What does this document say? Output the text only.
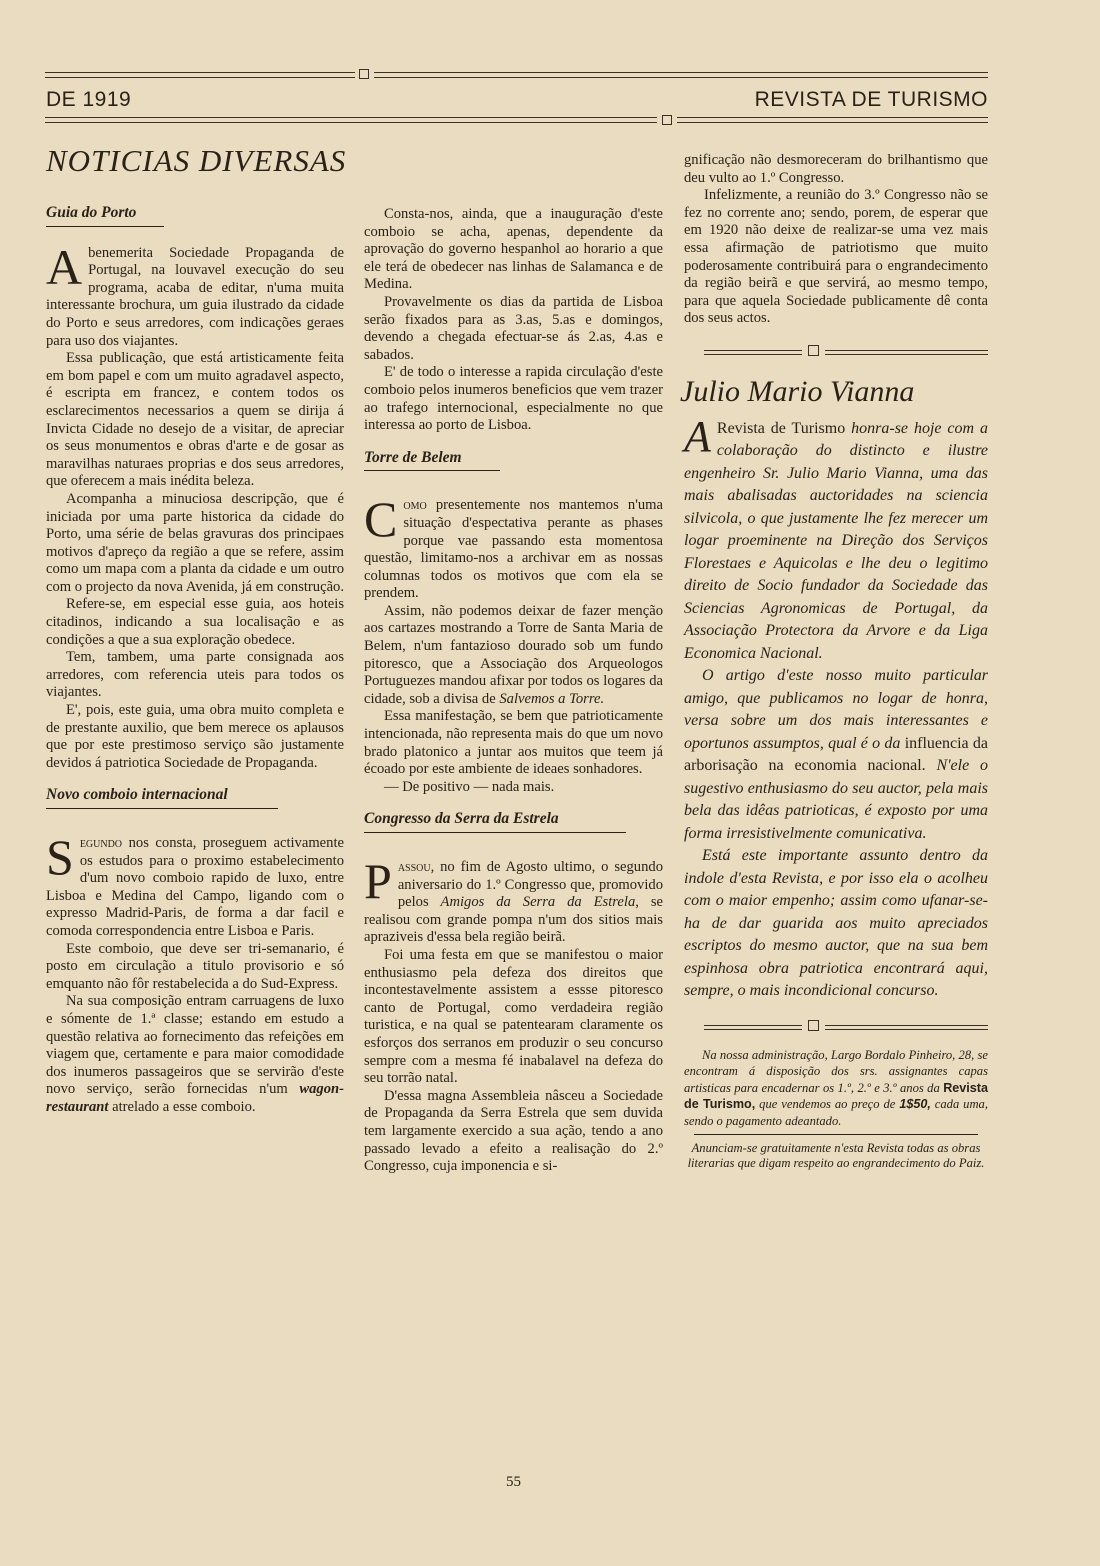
DE 1919	REVISTA DE TURISMO
NOTICIAS DIVERSAS
Guia do Porto

Abenemerita Sociedade Propaganda de Portugal, na louvavel execução do seu programa, acaba de editar, n'uma muita interessante brochura, um guia ilustrado da cidade do Porto e seus arredores, com indicações geraes para uso dos viajantes.

Essa publicação, que está artisticamente feita em bom papel e com um muito agradavel aspecto, é escripta em francez, e contem todos os esclarecimentos necessarios a quem se dirija á Invicta Cidade no desejo de a visitar, de apreciar os seus monumentos e obras d'arte e de gosar as maravilhas naturaes proprias e dos seus arredores, que oferecem a mais inédita beleza.

Acompanha a minuciosa descripção, que é iniciada por uma parte historica da cidade do Porto, uma série de belas gravuras dos principaes motivos d'apreço da região a que se refere, assim como um mapa com a planta da cidade e um outro com o projecto da nova Avenida, já em construção.

Refere-se, em especial esse guia, aos hoteis citadinos, indicando a sua localisação e as condições a que a sua exploração obedece.

Tem, tambem, uma parte consignada aos arredores, com referencia uteis para todos os viajantes.

E', pois, este guia, uma obra muito completa e de prestante auxilio, que bem merece os aplausos que por este prestimoso serviço são justamente devidos á patriotica Sociedade de Propaganda.

Novo comboio internacional

Segundo nos consta, proseguem activamente os estudos para o proximo estabelecimento d'um novo comboio rapido de luxo, entre Lisboa e Medina del Campo, ligando com o expresso Madrid-Paris, de forma a dar facil e comoda correspondencia entre Lisboa e Paris.

Este comboio, que deve ser tri-semanario, é posto em circulação a titulo provisorio e só emquanto não fôr restabelecida a do Sud-Express.

Na sua composição entram carruagens de luxo e sómente de 1.ª classe; estando em estudo a questão relativa ao fornecimento das refeições em viagem que, certamente e para maior comodidade dos inumeros passageiros que se servirão d'este novo serviço, serão fornecidas n'um wagon-restaurant atrelado a esse comboio.

Consta-nos, ainda, que a inauguração d'este comboio se acha, apenas, dependente da aprovação do governo hespanhol ao horario a que ele terá de obedecer nas linhas de Salamanca e de Medina.

Provavelmente os dias da partida de Lisboa serão fixados para as 3.as, 5.as e domingos, devendo a chegada efectuar-se ás 2.as, 4.as e sabados.

E' de todo o interesse a rapida circulação d'este comboio pelos inumeros beneficios que vem trazer ao trafego internocional, especialmente no que interessa ao porto de Lisboa.

Torre de Belem

Como presentemente nos mantemos n'uma situação d'espectativa perante as phases porque vae passando esta momentosa questão, limitamo-nos a archivar em as nossas columnas todos os motivos que com ela se prendem.

Assim, não podemos deixar de fazer menção aos cartazes mostrando a Torre de Santa Maria de Belem, n'um fantazioso dourado sob um fundo pitoresco, que a Associação dos Arqueologos Portuguezes mandou afixar por todos os logares da cidade, sob a divisa de Salvemos a Torre.

Essa manifestação, se bem que patrioticamente intencionada, não representa mais do que um novo brado platonico a juntar aos muitos que teem já écoado por este ambiente de ideaes sonhadores.

— De positivo — nada mais.

Congresso da Serra da Estrela

Passou, no fim de Agosto ultimo, o segundo aniversario do 1.º Congresso que, promovido pelos Amigos da Serra da Estrela, se realisou com grande pompa n'um dos sitios mais apraziveis d'essa bela região beirã.

Foi uma festa em que se manifestou o maior enthusiasmo pela defeza dos direitos que incontestavelmente assistem a essse pitoresco canto de Portugal, como verdadeira região turistica, e na qual se patentearam claramente os esforços dos serranos em produzir o seu concurso sempre com a mesma fé inabalavel na defeza do seu torrão natal.

D'essa magna Assembleia nâsceu a Sociedade de Propaganda da Serra Estrela que sem duvida tem largamente exercido a sua ação, tendo a ano passado levado a efeito a realisação do 2.º Congresso, cuja imponencia e si-

gnificação não desmoreceram do brilhantismo que deu vulto ao 1.º Congresso.

Infelizmente, a reunião do 3.º Congresso não se fez no corrente ano; sendo, porem, de esperar que em 1920 não deixe de realizar-se uma vez mais essa afirmação de patriotismo que muito poderosamente contribuirá para o engrandecimento da região beirã e que servirá, ao mesmo tempo, para que aquela Sociedade publicamente dê conta dos seus actos.

Julio Mario Vianna

A Revista de Turismo honra-se hoje com a colaboração do distincto e ilustre engenheiro Sr. Julio Mario Vianna, uma das mais abalisadas auctoridades na sciencia silvicola, o que justamente lhe fez merecer um logar proeminente na Direção dos Serviços Florestaes e Aquicolas e lhe deu o legitimo direito de Socio fundador da Sociedade das Sciencias Agronomicas de Portugal, da Associação Protectora da Arvore e da Liga Economica Nacional.

O artigo d'este nosso muito particular amigo, que publicamos no logar de honra, versa sobre um dos mais interessantes e oportunos assumptos, qual é o da influencia da arborisação na economia nacional. N'ele o sugestivo enthusiasmo do seu auctor, pela mais bela das idêas patrioticas, é exposto por uma forma irresistivelmente comunicativa.

Está este importante assunto dentro da indole d'esta Revista, e por isso ela o acolheu com o maior empenho; assim como ufanar-se-ha de dar guarida aos muito apreciados escriptos do mesmo auctor, que na sua bem espinhosa obra patriotica encontrará aqui, sempre, o mais incondicional concurso.

Na nossa administração, Largo Bordalo Pinheiro, 28, se encontram á disposição dos srs. assignantes capas artisticas para encadernar os 1.º, 2.º e 3.º anos da Revista de Turismo, que vendemos ao preço de 1$50, cada uma, sendo o pagamento adeantado.

Anunciam-se gratuitamente n'esta Revista todas as obras literarias que digam respeito ao engrandecimento do Paiz.
55
